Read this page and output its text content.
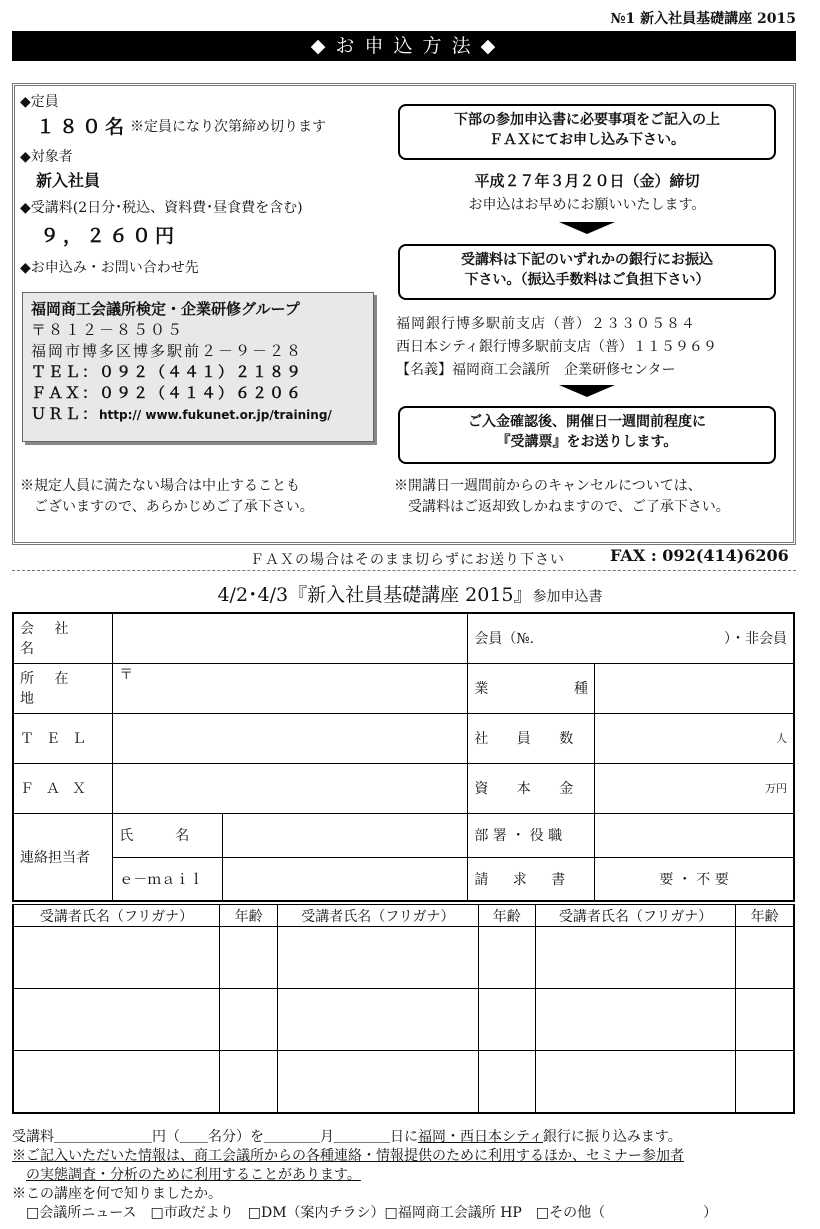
№1 新入社員基礎講座 2015
◆ お 申 込 方 法 ◆
◆定員
１８０名 ※定員になり次第締め切ります
◆対象者
新入社員
◆受講料(2日分･税込、資料費･昼食費を含む)
９，２６０円
◆お申込み・お問い合わせ先
福岡商工会議所検定・企業研修グループ
〒８１２－８５０５
福岡市博多区博多駅前２－９－２８
ＴＥＬ：０９２（４４１）２１８９
ＦＡＸ：０９２（４１４）６２０６
ＵＲＬ：http:// www.fukunet.or.jp/training/
※規定人員に満たない場合は中止することも
　ございますので、あらかじめご了承下さい。
下部の参加申込書に必要事項をご記入の上
ＦＡＸにてお申し込み下さい。
平成２７年３月２０日（金）締切
お申込はお早めにお願いいたします。
受講料は下記のいずれかの銀行にお振込
下さい。（振込手数料はご負担下さい）
福岡銀行博多駅前支店（普）２３３０５８４
西日本シティ銀行博多駅前支店（普）１１５９６９
【名義】福岡商工会議所　企業研修センター
ご入金確認後、開催日一週間前程度に
『受講票』をお送りします。
※開講日一週間前からのキャンセルについては、
　受講料はご返却致しかねますので、ご了承下さい。
ＦＡＸの場合はそのまま切らずにお送り下さい	FAX : 092(414)6206
4/2･4/3『新入社員基礎講座 2015』参加申込書
会 社 名			会員（№. ）・非会員	

所 在 地	〒		業 種	

ＴＥＬ			社 員 数	人
ＦＡＸ			資 本 金	万円
連絡担当者	氏　　　名		部 署 ・ 役 職	
	ｅ－ｍａｉｌ		請 求 書	要 ・ 不 要
受講者氏名（フリガナ）	年齢	受講者氏名（フリガナ）	年齢	受講者氏名（フリガナ）	年齢

受講料＿＿＿＿＿＿＿円（＿＿名分）を＿＿＿＿月＿＿＿＿日に福岡・西日本シティ銀行に振り込みます。
※ご記入いただいた情報は、商工会議所からの各種連絡・情報提供のために利用するほか、セミナー参加者
の実態調査・分析のために利用することがあります。
※この講座を何で知りましたか。
□会議所ニュース　□市政だより　□DM（案内チラシ）□福岡商工会議所 HP　□その他（　　　　　　　）
